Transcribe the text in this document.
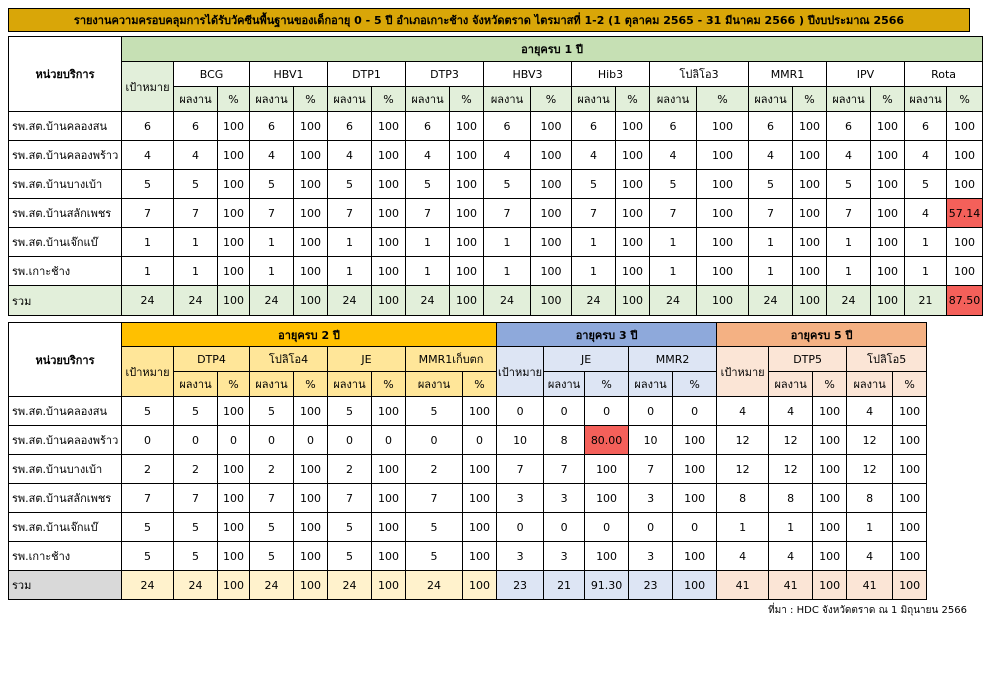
รายงานความครอบคลุมการได้รับวัคซีนพื้นฐานของเด็กอายุ 0 - 5 ปี อำเภอเกาะช้าง จังหวัดตราด ไตรมาสที่ 1-2 (1 ตุลาคม 2565 - 31 มีนาคม 2566 ) ปีงบประมาณ 2566
หน่วยบริการ	อายุครบ 1 ปี																				
	เป้าหมาย	BCG		HBV1		DTP1		DTP3		HBV3		Hib3		โปลิโอ3		MMR1		IPV		Rota	
		ผลงาน	%	ผลงาน	%	ผลงาน	%	ผลงาน	%	ผลงาน	%	ผลงาน	%	ผลงาน	%	ผลงาน	%	ผลงาน	%	ผลงาน	%
รพ.สต.บ้านคลองสน	6	6	100	6	100	6	100	6	100	6	100	6	100	6	100	6	100	6	100	6	100
รพ.สต.บ้านคลองพร้าว	4	4	100	4	100	4	100	4	100	4	100	4	100	4	100	4	100	4	100	4	100
รพ.สต.บ้านบางเบ้า	5	5	100	5	100	5	100	5	100	5	100	5	100	5	100	5	100	5	100	5	100
รพ.สต.บ้านสลักเพชร	7	7	100	7	100	7	100	7	100	7	100	7	100	7	100	7	100	7	100	4	57.14
รพ.สต.บ้านเจ๊กแบ๊	1	1	100	1	100	1	100	1	100	1	100	1	100	1	100	1	100	1	100	1	100
รพ.เกาะช้าง	1	1	100	1	100	1	100	1	100	1	100	1	100	1	100	1	100	1	100	1	100
รวม	24	24	100	24	100	24	100	24	100	24	100	24	100	24	100	24	100	24	100	21	87.50
หน่วยบริการ	อายุครบ 2 ปี									อายุครบ 3 ปี					อายุครบ 5 ปี				
	เป้าหมาย	DTP4		โปลิโอ4		JE		MMR1เก็บตก		เป้าหมาย	JE		MMR2		เป้าหมาย	DTP5		โปลิโอ5	
		ผลงาน	%	ผลงาน	%	ผลงาน	%	ผลงาน	%		ผลงาน	%	ผลงาน	%		ผลงาน	%	ผลงาน	%
รพ.สต.บ้านคลองสน	5	5	100	5	100	5	100	5	100	0	0	0	0	0	4	4	100	4	100
รพ.สต.บ้านคลองพร้าว	0	0	0	0	0	0	0	0	0	10	8	80.00	10	100	12	12	100	12	100
รพ.สต.บ้านบางเบ้า	2	2	100	2	100	2	100	2	100	7	7	100	7	100	12	12	100	12	100
รพ.สต.บ้านสลักเพชร	7	7	100	7	100	7	100	7	100	3	3	100	3	100	8	8	100	8	100
รพ.สต.บ้านเจ๊กแบ๊	5	5	100	5	100	5	100	5	100	0	0	0	0	0	1	1	100	1	100
รพ.เกาะช้าง	5	5	100	5	100	5	100	5	100	3	3	100	3	100	4	4	100	4	100
รวม	24	24	100	24	100	24	100	24	100	23	21	91.30	23	100	41	41	100	41	100
ที่มา : HDC จังหวัดตราด ณ 1 มิถุนายน 2566
